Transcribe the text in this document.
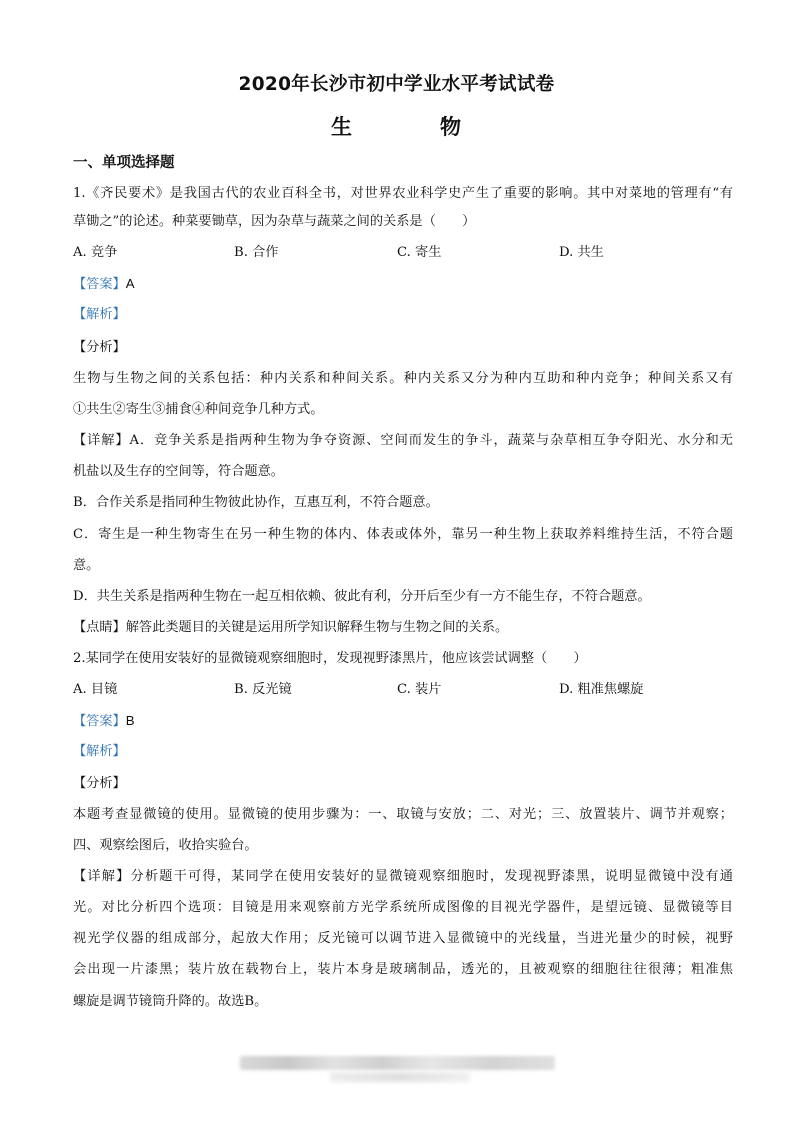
2020年长沙市初中学业水平考试试卷
生	物
一、单项选择题
1.《齐民要术》是我国古代的农业百科全书，对世界农业科学史产生了重要的影响。其中对菜地的管理有“有
草锄之”的论述。种菜要锄草，因为杂草与蔬菜之间的关系是（　　）
A. 竞争	B. 合作	C. 寄生	D. 共生
【答案】A
【解析】
【分析】
生物与生物之间的关系包括：种内关系和种间关系。种内关系又分为种内互助和种内竞争；种间关系又有
①共生②寄生③捕食④种间竞争几种方式。
【详解】A．竞争关系是指两种生物为争夺资源、空间而发生的争斗，蔬菜与杂草相互争夺阳光、水分和无
机盐以及生存的空间等，符合题意。
B．合作关系是指同种生物彼此协作，互惠互利，不符合题意。
C．寄生是一种生物寄生在另一种生物的体内、体表或体外，靠另一种生物上获取养料维持生活，不符合题
意。
D．共生关系是指两种生物在一起互相依赖、彼此有利，分开后至少有一方不能生存，不符合题意。
【点睛】解答此类题目的关键是运用所学知识解释生物与生物之间的关系。
2.某同学在使用安装好的显微镜观察细胞时，发现视野漆黑片，他应该尝试调整（　　）
A. 目镜	B. 反光镜	C. 装片	D. 粗准焦螺旋
【答案】B
【解析】
【分析】
本题考查显微镜的使用。显微镜的使用步骤为：一、取镜与安放；二、对光；三、放置装片、调节并观察；
四、观察绘图后，收拾实验台。
【详解】分析题干可得，某同学在使用安装好的显微镜观察细胞时，发现视野漆黑，说明显微镜中没有通
光。对比分析四个选项：目镜是用来观察前方光学系统所成图像的目视光学器件，是望远镜、显微镜等目
视光学仪器的组成部分，起放大作用；反光镜可以调节进入显微镜中的光线量，当进光量少的时候，视野
会出现一片漆黑；装片放在载物台上，装片本身是玻璃制品，透光的，且被观察的细胞往往很薄；粗准焦
螺旋是调节镜筒升降的。故选B。
